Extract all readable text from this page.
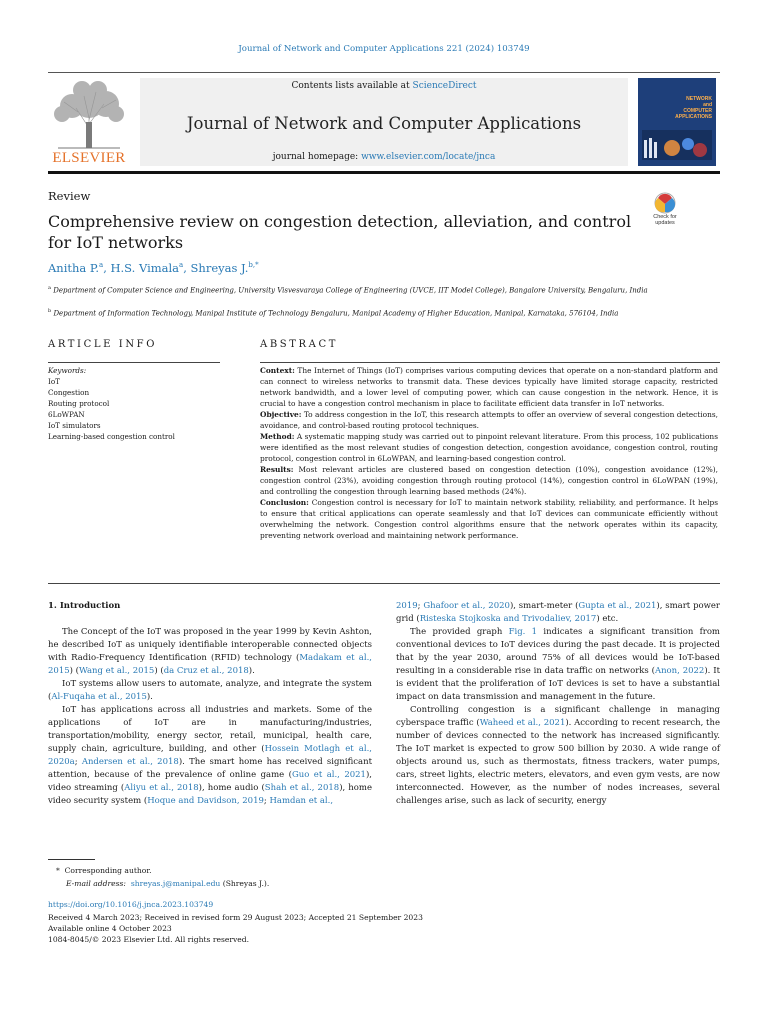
Journal of Network and Computer Applications 221 (2024) 103749
ELSEVIER
Contents lists available at ScienceDirect
Journal of Network and Computer Applications
journal homepage: www.elsevier.com/locate/jnca
NETWORK
and
COMPUTER
APPLICATIONS
Review
Comprehensive review on congestion detection, alleviation, and control for IoT networks
Check for updates
Anitha P.$^a$, H.S. Vimala$^a$, Shreyas J.$^{b,*}$
$^a$ Department of Computer Science and Engineering, University Visvesvaraya College of Engineering (UVCE, IIT Model College), Bangalore University, Bengaluru, India
$^b$ Department of Information Technology, Manipal Institute of Technology Bengaluru, Manipal Academy of Higher Education, Manipal, Karnataka, 576104, India
ARTICLE INFO
Keywords:
IoT
Congestion
Routing protocol
6LoWPAN
IoT simulators
Learning-based congestion control
ABSTRACT

Context: The Internet of Things (IoT) comprises various computing devices that operate on a non-standard platform and can connect to wireless networks to transmit data. These devices typically have limited storage capacity, restricted network bandwidth, and a lower level of computing power, which can cause congestion in the network. Hence, it is crucial to have a congestion control mechanism in place to facilitate efficient data transfer in IoT networks.

Objective: To address congestion in the IoT, this research attempts to offer an overview of several congestion detections, avoidance, and control-based routing protocol techniques.

Method: A systematic mapping study was carried out to pinpoint relevant literature. From this process, 102 publications were identified as the most relevant studies of congestion detection, congestion avoidance, congestion control, routing protocol, congestion control in 6LoWPAN, and learning-based congestion control.

Results: Most relevant articles are clustered based on congestion detection (10%), congestion avoidance (12%), congestion control (23%), avoiding congestion through routing protocol (14%), congestion control in 6LoWPAN (19%), and controlling the congestion through learning based methods (24%).

Conclusion: Congestion control is necessary for IoT to maintain network stability, reliability, and performance. It helps to ensure that critical applications can operate seamlessly and that IoT devices can communicate efficiently without overwhelming the network. Congestion control algorithms ensure that the network operates within its capacity, preventing network overload and maintaining network performance.

1. Introduction

The Concept of the IoT was proposed in the year 1999 by Kevin Ashton, he described IoT as uniquely identifiable interoperable connected objects with Radio-Frequency Identification (RFID) technology (Madakam et al., 2015) (Wang et al., 2015) (da Cruz et al., 2018).

IoT systems allow users to automate, analyze, and integrate the system (Al-Fuqaha et al., 2015).

IoT has applications across all industries and markets. Some of the applications of IoT are in manufacturing/industries, transportation/mobility, energy sector, retail, municipal, health care, supply chain, agriculture, building, and other (Hossein Motlagh et al., 2020a; Andersen et al., 2018). The smart home has received significant attention, because of the prevalence of online game (Guo et al., 2021), video streaming (Aliyu et al., 2018), home audio (Shah et al., 2018), home video security system (Hoque and Davidson, 2019; Hamdan et al.,

2019; Ghafoor et al., 2020), smart-meter (Gupta et al., 2021), smart power grid (Risteska Stojkoska and Trivodaliev, 2017) etc.

The provided graph Fig. 1 indicates a significant transition from conventional devices to IoT devices during the past decade. It is projected that by the year 2030, around 75% of all devices would be IoT-based resulting in a considerable rise in data traffic on networks (Anon, 2022). It is evident that the proliferation of IoT devices is set to have a substantial impact on data transmission and management in the future.

Controlling congestion is a significant challenge in managing cyberspace traffic (Waheed et al., 2021). According to recent research, the number of devices connected to the network has increased significantly. The IoT market is expected to grow 500 billion by 2030. A wide range of objects around us, such as thermostats, fitness trackers, water pumps, cars, street lights, electric meters, elevators, and even gym vests, are now interconnected. However, as the number of nodes increases, several challenges arise, such as lack of security, energy

*  Corresponding author.
E-mail address: shreyas.j@manipal.edu (Shreyas J.).
https://doi.org/10.1016/j.jnca.2023.103749
Received 4 March 2023; Received in revised form 29 August 2023; Accepted 21 September 2023
Available online 4 October 2023
1084-8045/© 2023 Elsevier Ltd. All rights reserved.
